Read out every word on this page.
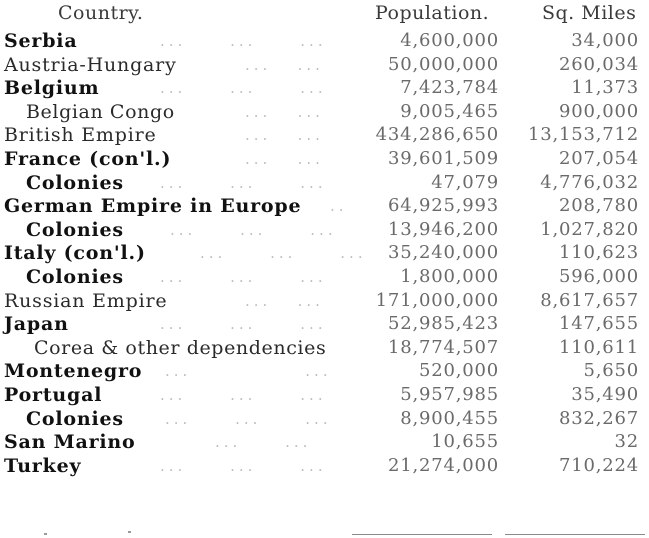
Country.	Population.	Sq. Miles
Serbia	...     ...     ...	4,600,000	34,000
Austria-Hungary	...   ...	50,000,000	260,034
Belgium	...     ...     ...	7,423,784	11,373
Belgian Congo	...   ...	9,005,465	900,000
British Empire	...   ...	434,286,650 13,153,712
France (con'l.)	...   ...	39,601,509	207,054
Colonies ...     ...     ...	47,079 4,776,032
German Empire in Europe .. 64,925,993	208,780
Colonies	...     ...     ...	13,946,200 1,027,820
Italy (con'l.)	...     ...     ... 35,240,000	110,623
Colonies ...     ...     ...	1,800,000	596,000
Russian Empire	...   ...	171,000,000 8,617,657
Japan	...     ...     ...	52,985,423	147,655
Corea & other dependencies	18,774,507	110,611
Montenegro ...             ...	520,000	5,650
Portugal	...     ...     ...	5,957,985	35,490
Colonies	...     ...     ...	8,900,455	832,267
San Marino	...     ...	10,655	32
Turkey	...     ...     ...	21,274,000	710,224
